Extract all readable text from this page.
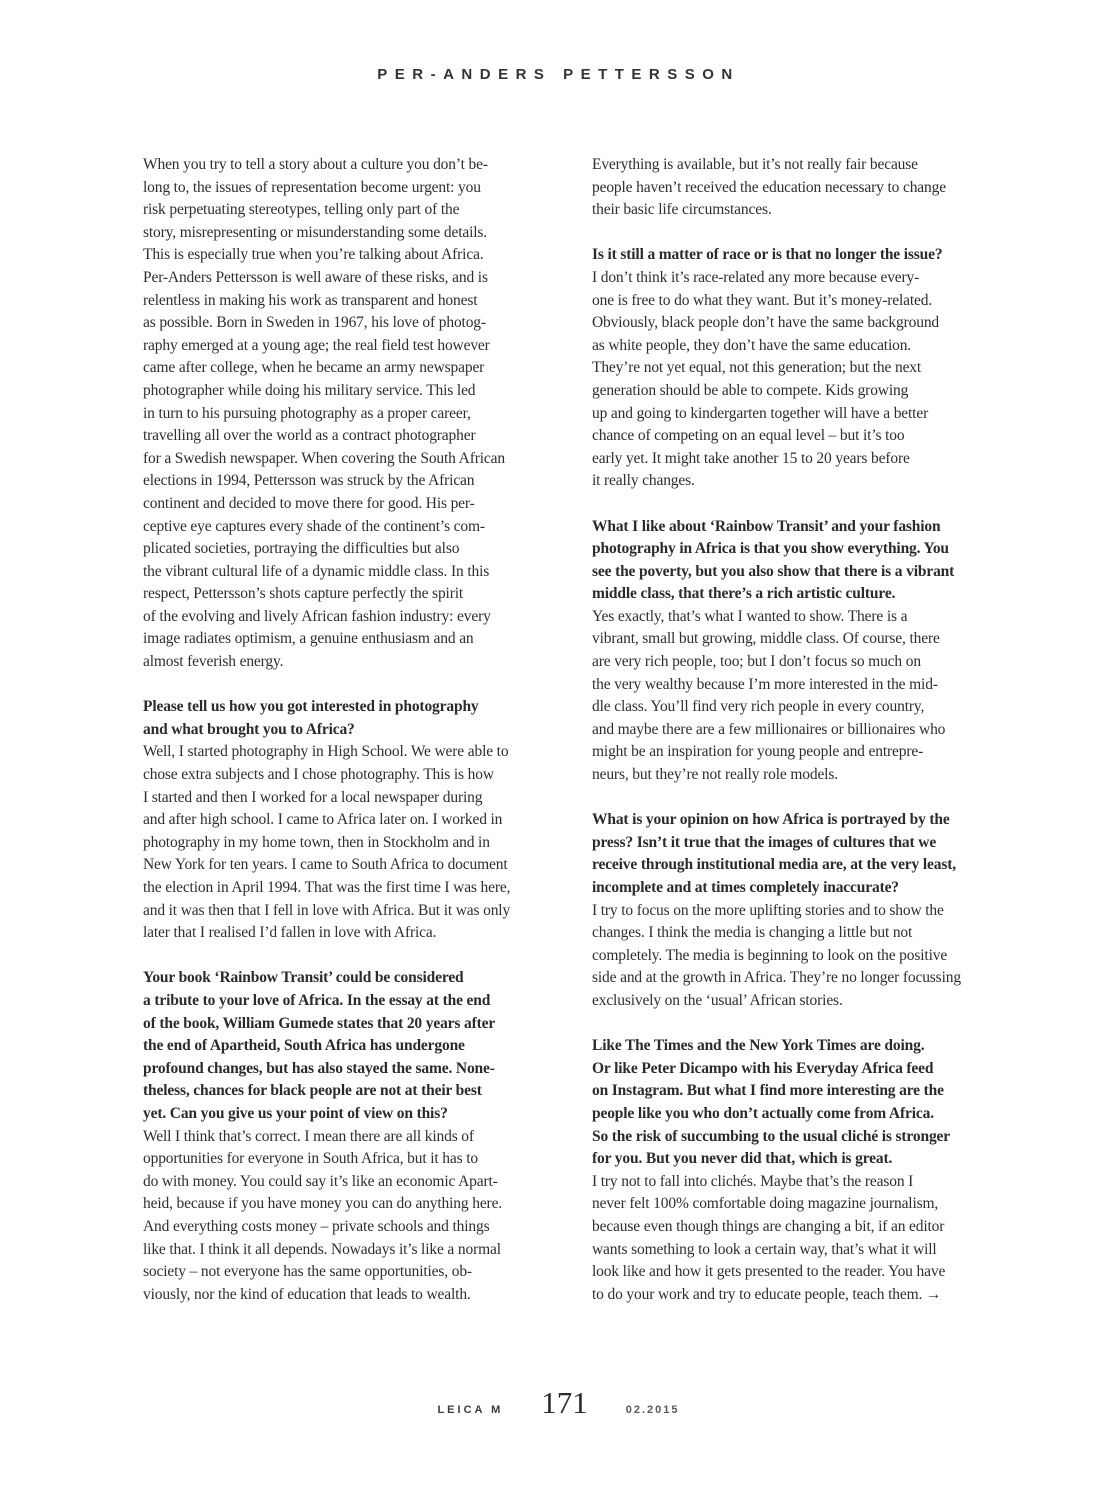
PER-ANDERS PETTERSSON
When you try to tell a story about a culture you don’t be-
long to, the issues of representation become urgent: you
risk perpetuating stereotypes, telling only part of the
story, misrepresenting or misunderstanding some details.
This is especially true when you’re talking about Africa.
Per-Anders Pettersson is well aware of these risks, and is
relentless in making his work as transparent and honest
as possible. Born in Sweden in 1967, his love of photog-
raphy emerged at a young age; the real field test however
came after college, when he became an army newspaper
photographer while doing his military service. This led
in turn to his pursuing photography as a proper career,
travelling all over the world as a contract photographer
for a Swedish newspaper. When covering the South African
elections in 1994, Pettersson was struck by the African
continent and decided to move there for good. His per-
ceptive eye captures every shade of the continent’s com-
plicated societies, portraying the difficulties but also
the vibrant cultural life of a dynamic middle class. In this
respect, Pettersson’s shots capture perfectly the spirit
of the evolving and lively African fashion industry: every
image radiates optimism, a genuine enthusiasm and an
almost feverish energy.
Please tell us how you got interested in photography
and what brought you to Africa?
Well, I started photography in High School. We were able to
chose extra subjects and I chose photography. This is how
I started and then I worked for a local newspaper during
and after high school. I came to Africa later on. I worked in
photography in my home town, then in Stockholm and in
New York for ten years. I came to South Africa to document
the election in April 1994. That was the first time I was here,
and it was then that I fell in love with Africa. But it was only
later that I realised I’d fallen in love with Africa.
Your book ‘Rainbow Transit’ could be considered
a tribute to your love of Africa. In the essay at the end
of the book, William Gumede states that 20 years after
the end of Apartheid, South Africa has undergone
profound changes, but has also stayed the same. None-
theless, chances for black people are not at their best
yet. Can you give us your point of view on this?
Well I think that’s correct. I mean there are all kinds of
opportunities for everyone in South Africa, but it has to
do with money. You could say it’s like an economic Apart-
heid, because if you have money you can do anything here.
And everything costs money – private schools and things
like that. I think it all depends. Nowadays it’s like a normal
society – not everyone has the same opportunities, ob-
viously, nor the kind of education that leads to wealth.
Everything is available, but it’s not really fair because
people haven’t received the education necessary to change
their basic life circumstances.
Is it still a matter of race or is that no longer the issue?
I don’t think it’s race-related any more because every-
one is free to do what they want. But it’s money-related.
Obviously, black people don’t have the same background
as white people, they don’t have the same education.
They’re not yet equal, not this generation; but the next
generation should be able to compete. Kids growing
up and going to kindergarten together will have a better
chance of competing on an equal level – but it’s too
early yet. It might take another 15 to 20 years before
it really changes.
What I like about ‘Rainbow Transit’ and your fashion
photography in Africa is that you show everything. You
see the poverty, but you also show that there is a vibrant
middle class, that there’s a rich artistic culture.
Yes exactly, that’s what I wanted to show. There is a
vibrant, small but growing, middle class. Of course, there
are very rich people, too; but I don’t focus so much on
the very wealthy because I’m more interested in the mid-
dle class. You’ll find very rich people in every country,
and maybe there are a few millionaires or billionaires who
might be an inspiration for young people and entrepre-
neurs, but they’re not really role models.
What is your opinion on how Africa is portrayed by the
press? Isn’t it true that the images of cultures that we
receive through institutional media are, at the very least,
incomplete and at times completely inaccurate?
I try to focus on the more uplifting stories and to show the
changes. I think the media is changing a little but not
completely. The media is beginning to look on the positive
side and at the growth in Africa. They’re no longer focussing
exclusively on the ‘usual’ African stories.
Like The Times and the New York Times are doing.
Or like Peter Dicampo with his Everyday Africa feed
on Instagram. But what I find more interesting are the
people like you who don’t actually come from Africa.
So the risk of succumbing to the usual cliché is stronger
for you. But you never did that, which is great.
I try not to fall into clichés. Maybe that’s the reason I
never felt 100% comfortable doing magazine journalism,
because even though things are changing a bit, if an editor
wants something to look a certain way, that’s what it will
look like and how it gets presented to the reader. You have
to do your work and try to educate people, teach them. →
LEICA M 171	02.2015
